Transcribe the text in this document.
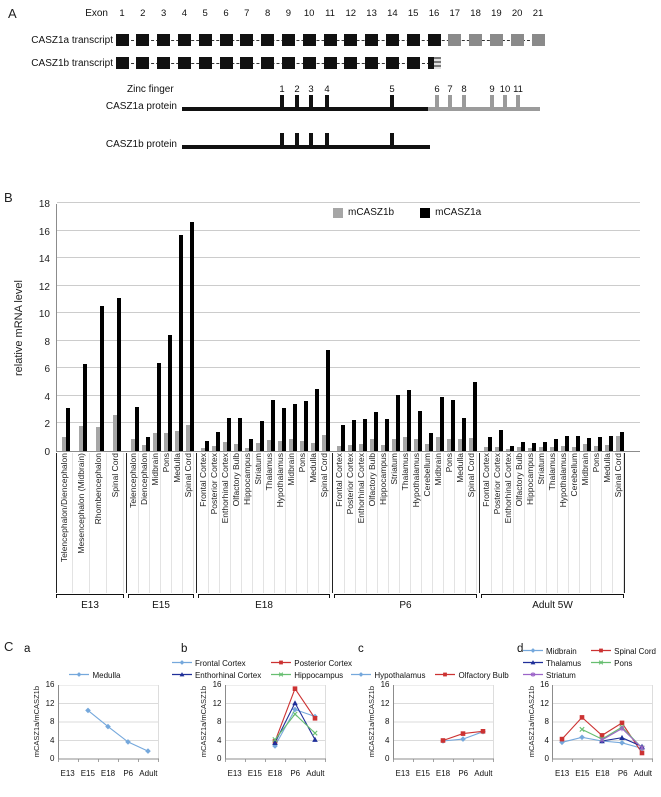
A	Exon	1	2	3	4	5	6	7	8	9	10	11	12	13	14	15	16	17	18	19	20	21
CASZ1a transcript
CASZ1b transcript
Zinc finger	1	2 3	4	5	6 7 8	9 10 11
CASZ1a protein
CASZ1b protein
B
relative mRNA level
0
2
4
6
8
10
12
14
16
18
mCASZ1b	mCASZ1a
Telencephalon/Diencephalon Mesencephalon (Midbrain) Rhombencephalon Spinal Cord Telencephalon Diencephalon Midbrain Pons Medulla Spinal Cord Frontal Cortex Posterior Cortex Enthorhinal Cortex Olfactory Bulb Hippocampus Striatum Thalamus Hypothalamus Midbrain Pons Medulla Spinal Cord Frontal Cortex Posterior Cortex Enthorhinal Cortex Olfactory Bulb Hippocampus Striatum Thalamus Hypothalamus Cerebellum Midbrain Pons Medulla Spinal Cord Frontal Cortex Posterior Cortex Enthorhinal Cortex Olfactory Bulb Hippocampus Striatum Thalamus Hypothalamus Cerebellum Midbrain Pons Medulla Spinal Cord
E13	E15	E18	P6	Adult 5W
C a
Medulla
mCASZ1a/mCASZ1b
0
4
8
12
16
E13 E15 E18	P6 Adult
b
Frontal Cortex	Posterior Cortex
Enthorhinal Cortex	Hippocampus
mCASZ1a/mCASZ1b
0
4
8
12
16
E13 E15 E18	P6 Adult
c
Hypothalamus	Olfactory Bulb
mCASZ1a/mCASZ1b
0
4
8
12
16
E13 E15 E18	P6 Adult
d	Midbrain	Spinal Cord
Thalamus	Pons
Striatum
mCASZ1a/mCASZ1b
0
4
8
12
16
E13 E15 E18	P6 Adult
